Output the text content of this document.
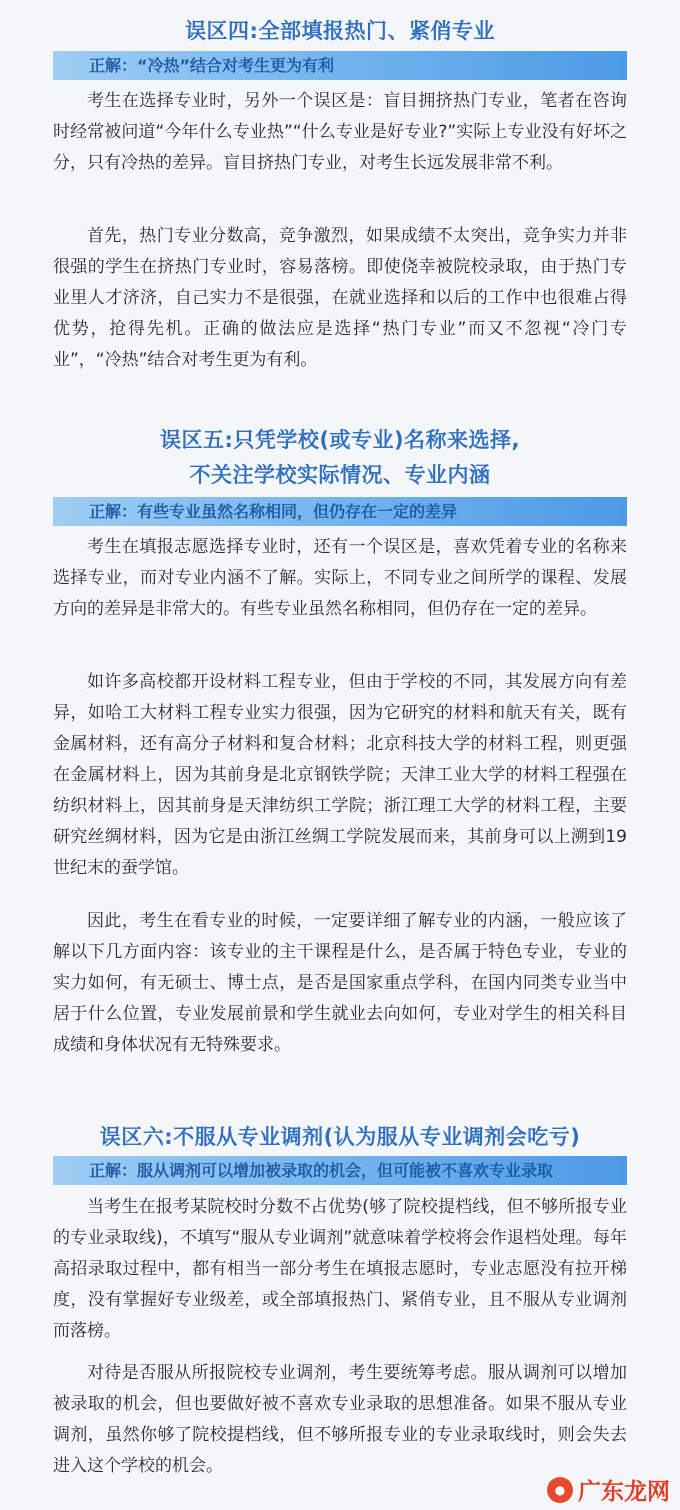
误区四:全部填报热门、紧俏专业
正解：“冷热”结合对考生更为有利

考生在选择专业时，另外一个误区是：盲目拥挤热门专业，笔者在咨询时经常被问道“今年什么专业热”“什么专业是好专业?”实际上专业没有好坏之分，只有冷热的差异。盲目挤热门专业，对考生长远发展非常不利。

首先，热门专业分数高，竞争激烈，如果成绩不太突出，竞争实力并非很强的学生在挤热门专业时，容易落榜。即使侥幸被院校录取，由于热门专业里人才济济，自己实力不是很强，在就业选择和以后的工作中也很难占得优势，抢得先机。正确的做法应是选择“热门专业”而又不忽视“冷门专业”，“冷热”结合对考生更为有利。

误区五:只凭学校(或专业)名称来选择,
不关注学校实际情况、专业内涵
正解：有些专业虽然名称相同，但仍存在一定的差异

考生在填报志愿选择专业时，还有一个误区是，喜欢凭着专业的名称来选择专业，而对专业内涵不了解。实际上，不同专业之间所学的课程、发展方向的差异是非常大的。有些专业虽然名称相同，但仍存在一定的差异。

如许多高校都开设材料工程专业，但由于学校的不同，其发展方向有差异，如哈工大材料工程专业实力很强，因为它研究的材料和航天有关，既有金属材料，还有高分子材料和复合材料；北京科技大学的材料工程，则更强在金属材料上，因为其前身是北京钢铁学院；天津工业大学的材料工程强在纺织材料上，因其前身是天津纺织工学院；浙江理工大学的材料工程，主要研究丝绸材料，因为它是由浙江丝绸工学院发展而来，其前身可以上溯到19世纪末的蚕学馆。

因此，考生在看专业的时候，一定要详细了解专业的内涵，一般应该了解以下几方面内容：该专业的主干课程是什么，是否属于特色专业，专业的实力如何，有无硕士、博士点，是否是国家重点学科，在国内同类专业当中居于什么位置，专业发展前景和学生就业去向如何，专业对学生的相关科目成绩和身体状况有无特殊要求。

误区六:不服从专业调剂(认为服从专业调剂会吃亏)
正解：服从调剂可以增加被录取的机会，但可能被不喜欢专业录取

当考生在报考某院校时分数不占优势(够了院校提档线，但不够所报专业的专业录取线)，不填写“服从专业调剂”就意味着学校将会作退档处理。每年高招录取过程中，都有相当一部分考生在填报志愿时，专业志愿没有拉开梯度，没有掌握好专业级差，或全部填报热门、紧俏专业，且不服从专业调剂而落榜。

对待是否服从所报院校专业调剂，考生要统筹考虑。服从调剂可以增加被录取的机会，但也要做好被不喜欢专业录取的思想准备。如果不服从专业调剂，虽然你够了院校提档线，但不够所报专业的专业录取线时，则会失去进入这个学校的机会。

● 广东龙网
